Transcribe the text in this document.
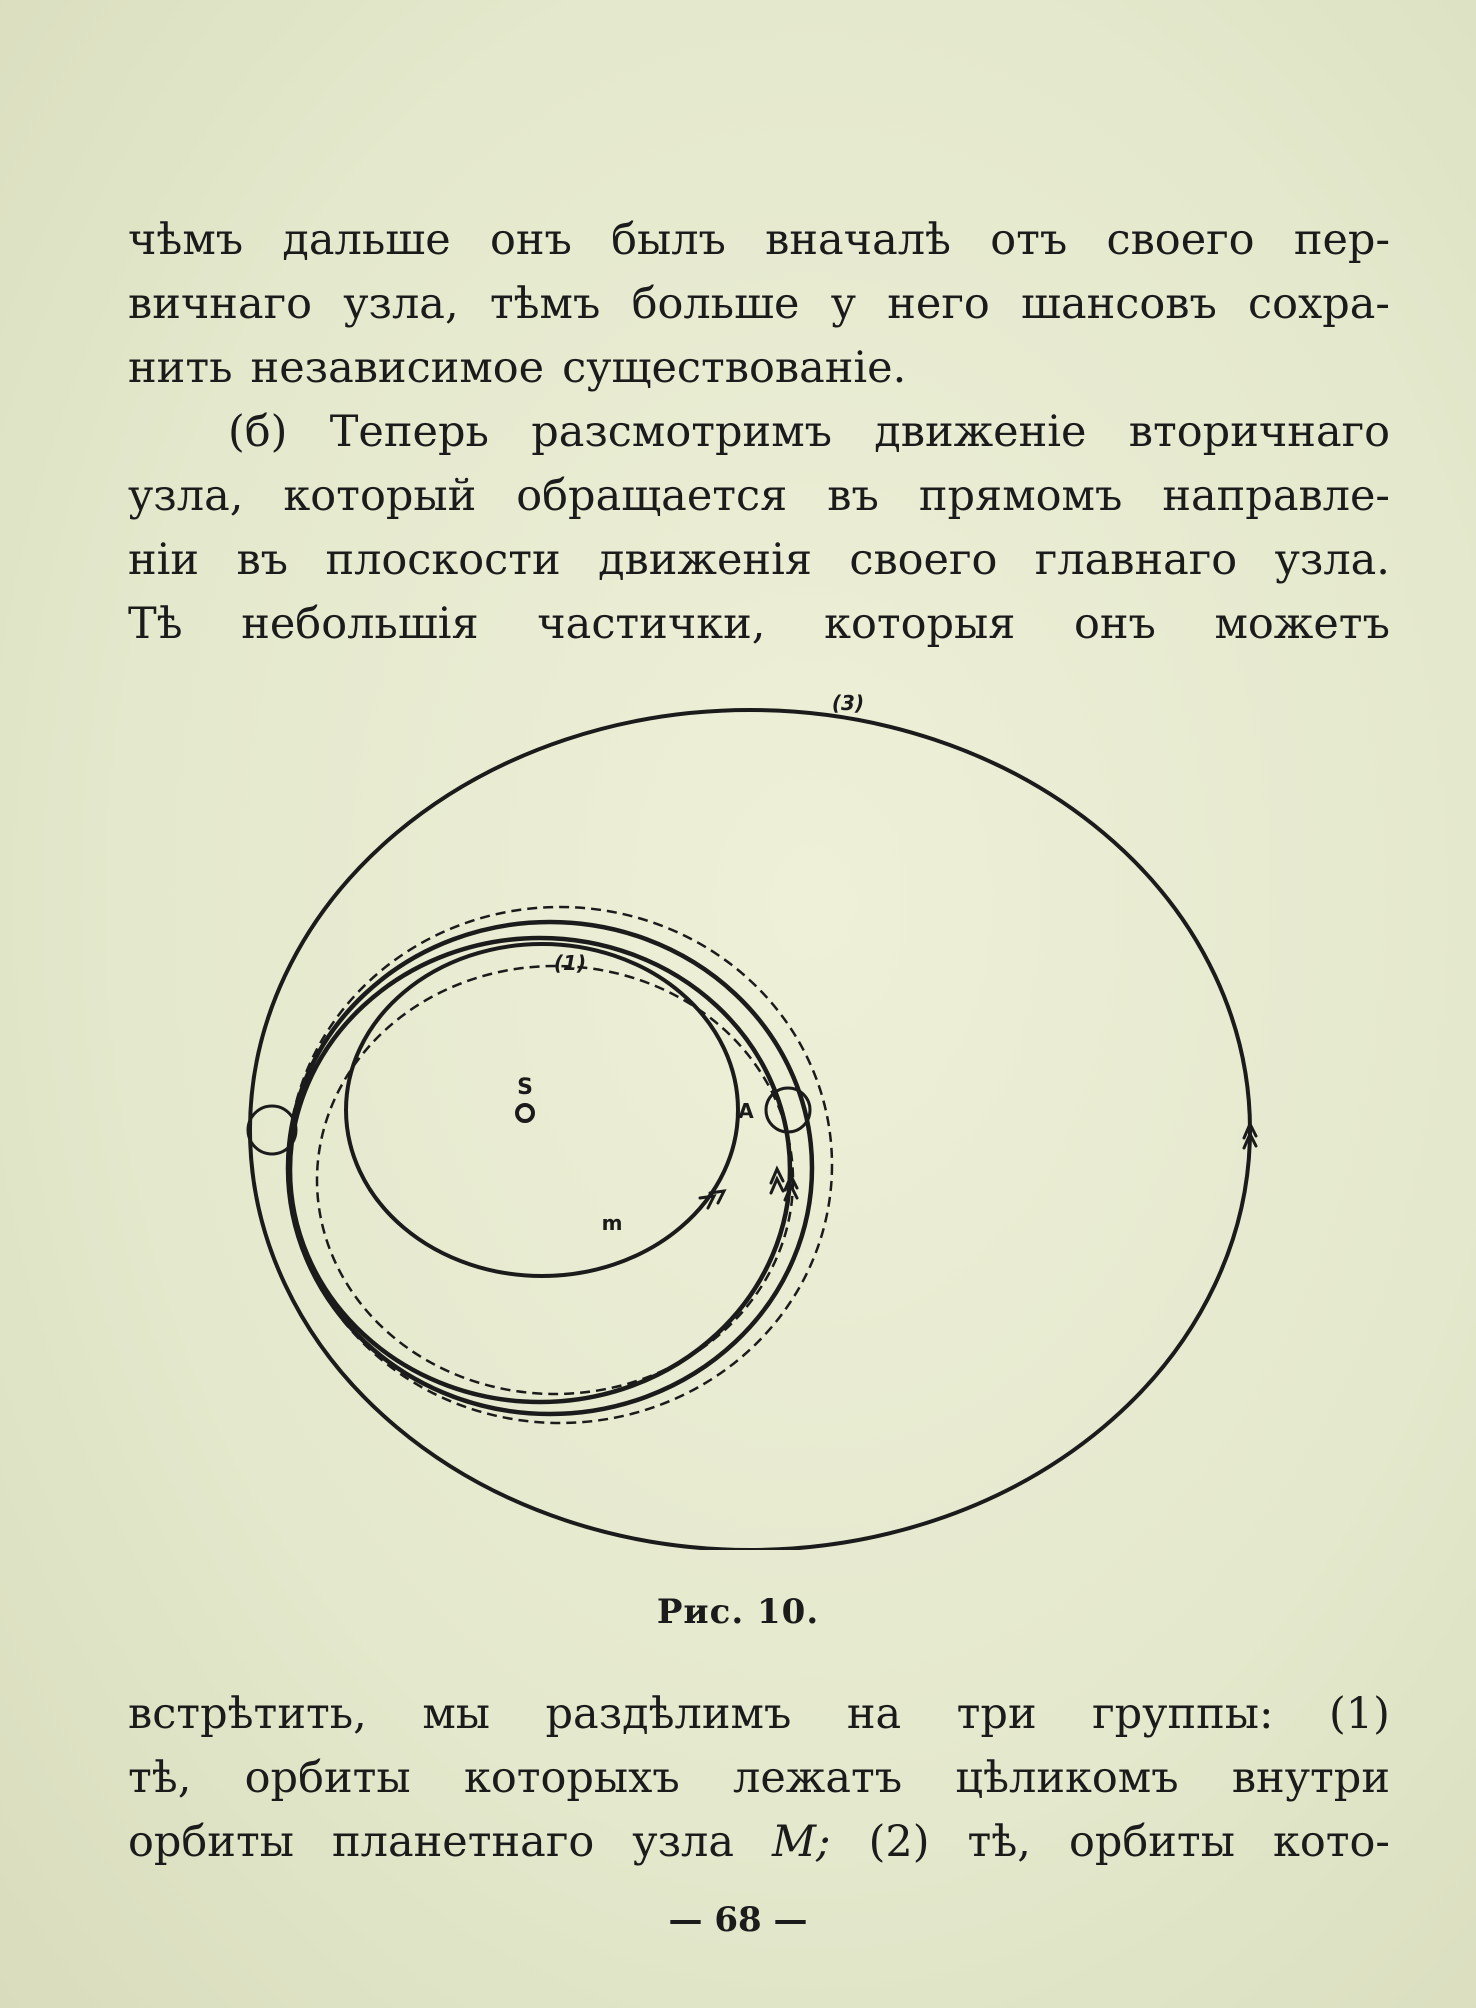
чѣмъ дальше онъ былъ вначалѣ отъ своего пер-
вичнаго узла, тѣмъ больше у него шансовъ сохра-
нить независимое существованіе.
(б) Теперь разсмотримъ движеніе вторичнаго
узла, который обращается въ прямомъ направле-
ніи въ плоскости движенія своего главнаго узла.
Тѣ небольшія частички, которыя онъ можетъ
(3)
(1)
S
A
m
Рис. 10.
встрѣтить, мы раздѣлимъ на три группы: (1)
тѣ, орбиты которыхъ лежатъ цѣликомъ внутри
орбиты планетнаго узла М; (2) тѣ, орбиты кото-
— 68 —
